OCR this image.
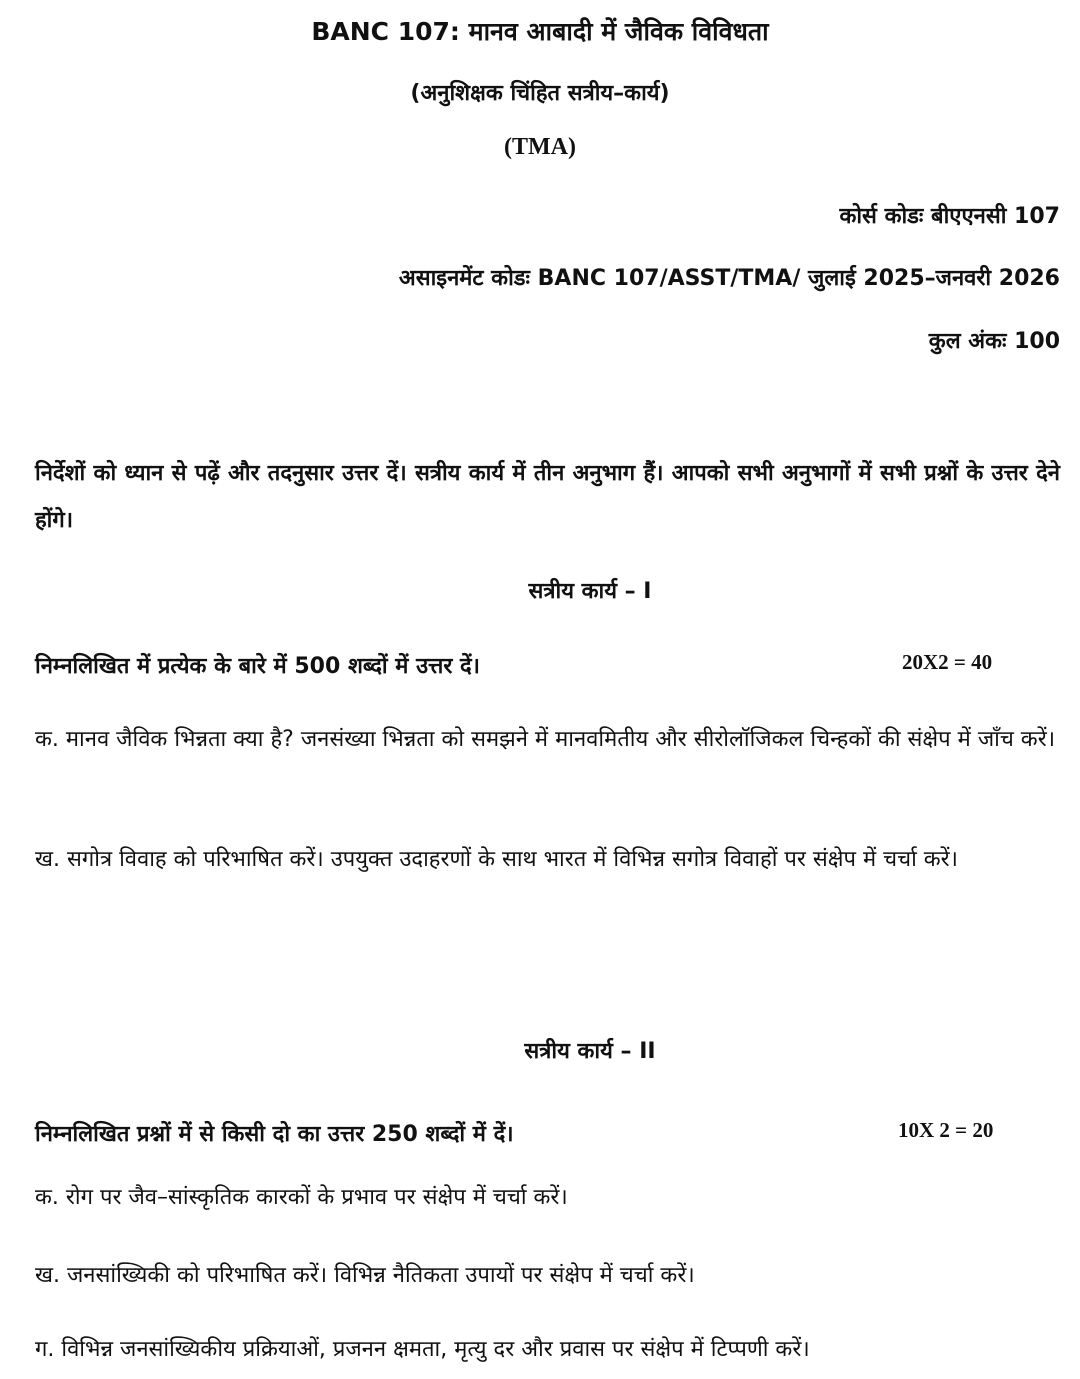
BANC 107: मानव आबादी में जैविक विविधता
(अनुशिक्षक चिंहित सत्रीय–कार्य)
(TMA)
कोर्स कोडः बीएएनसी 107
असाइनमेंट कोडः BANC 107/ASST/TMA/ जुलाई 2025–जनवरी 2026
कुल अंकः 100
निर्देशों को ध्यान से पढ़ें और तदनुसार उत्तर दें। सत्रीय कार्य में तीन अनुभाग हैं। आपको सभी अनुभागों में सभी प्रश्नों के उत्तर देने होंगे।
सत्रीय कार्य – I
निम्नलिखित में प्रत्येक के बारे में 500 शब्दों में उत्तर दें।	20X2 = 40
क. मानव जैविक भिन्नता क्या है? जनसंख्या भिन्नता को समझने में मानवमितीय और सीरोलॉजिकल चिन्हकों की संक्षेप में जाँच करें।
ख. सगोत्र विवाह को परिभाषित करें। उपयुक्त उदाहरणों के साथ भारत में विभिन्न सगोत्र विवाहों पर संक्षेप में चर्चा करें।
सत्रीय कार्य – II
निम्नलिखित प्रश्नों में से किसी दो का उत्तर 250 शब्दों में दें।	10X 2 = 20
क. रोग पर जैव–सांस्कृतिक कारकों के प्रभाव पर संक्षेप में चर्चा करें।
ख. जनसांख्यिकी को परिभाषित करें। विभिन्न नैतिकता उपायों पर संक्षेप में चर्चा करें।
ग. विभिन्न जनसांख्यिकीय प्रक्रियाओं, प्रजनन क्षमता, मृत्यु दर और प्रवास पर संक्षेप में टिप्पणी करें।
